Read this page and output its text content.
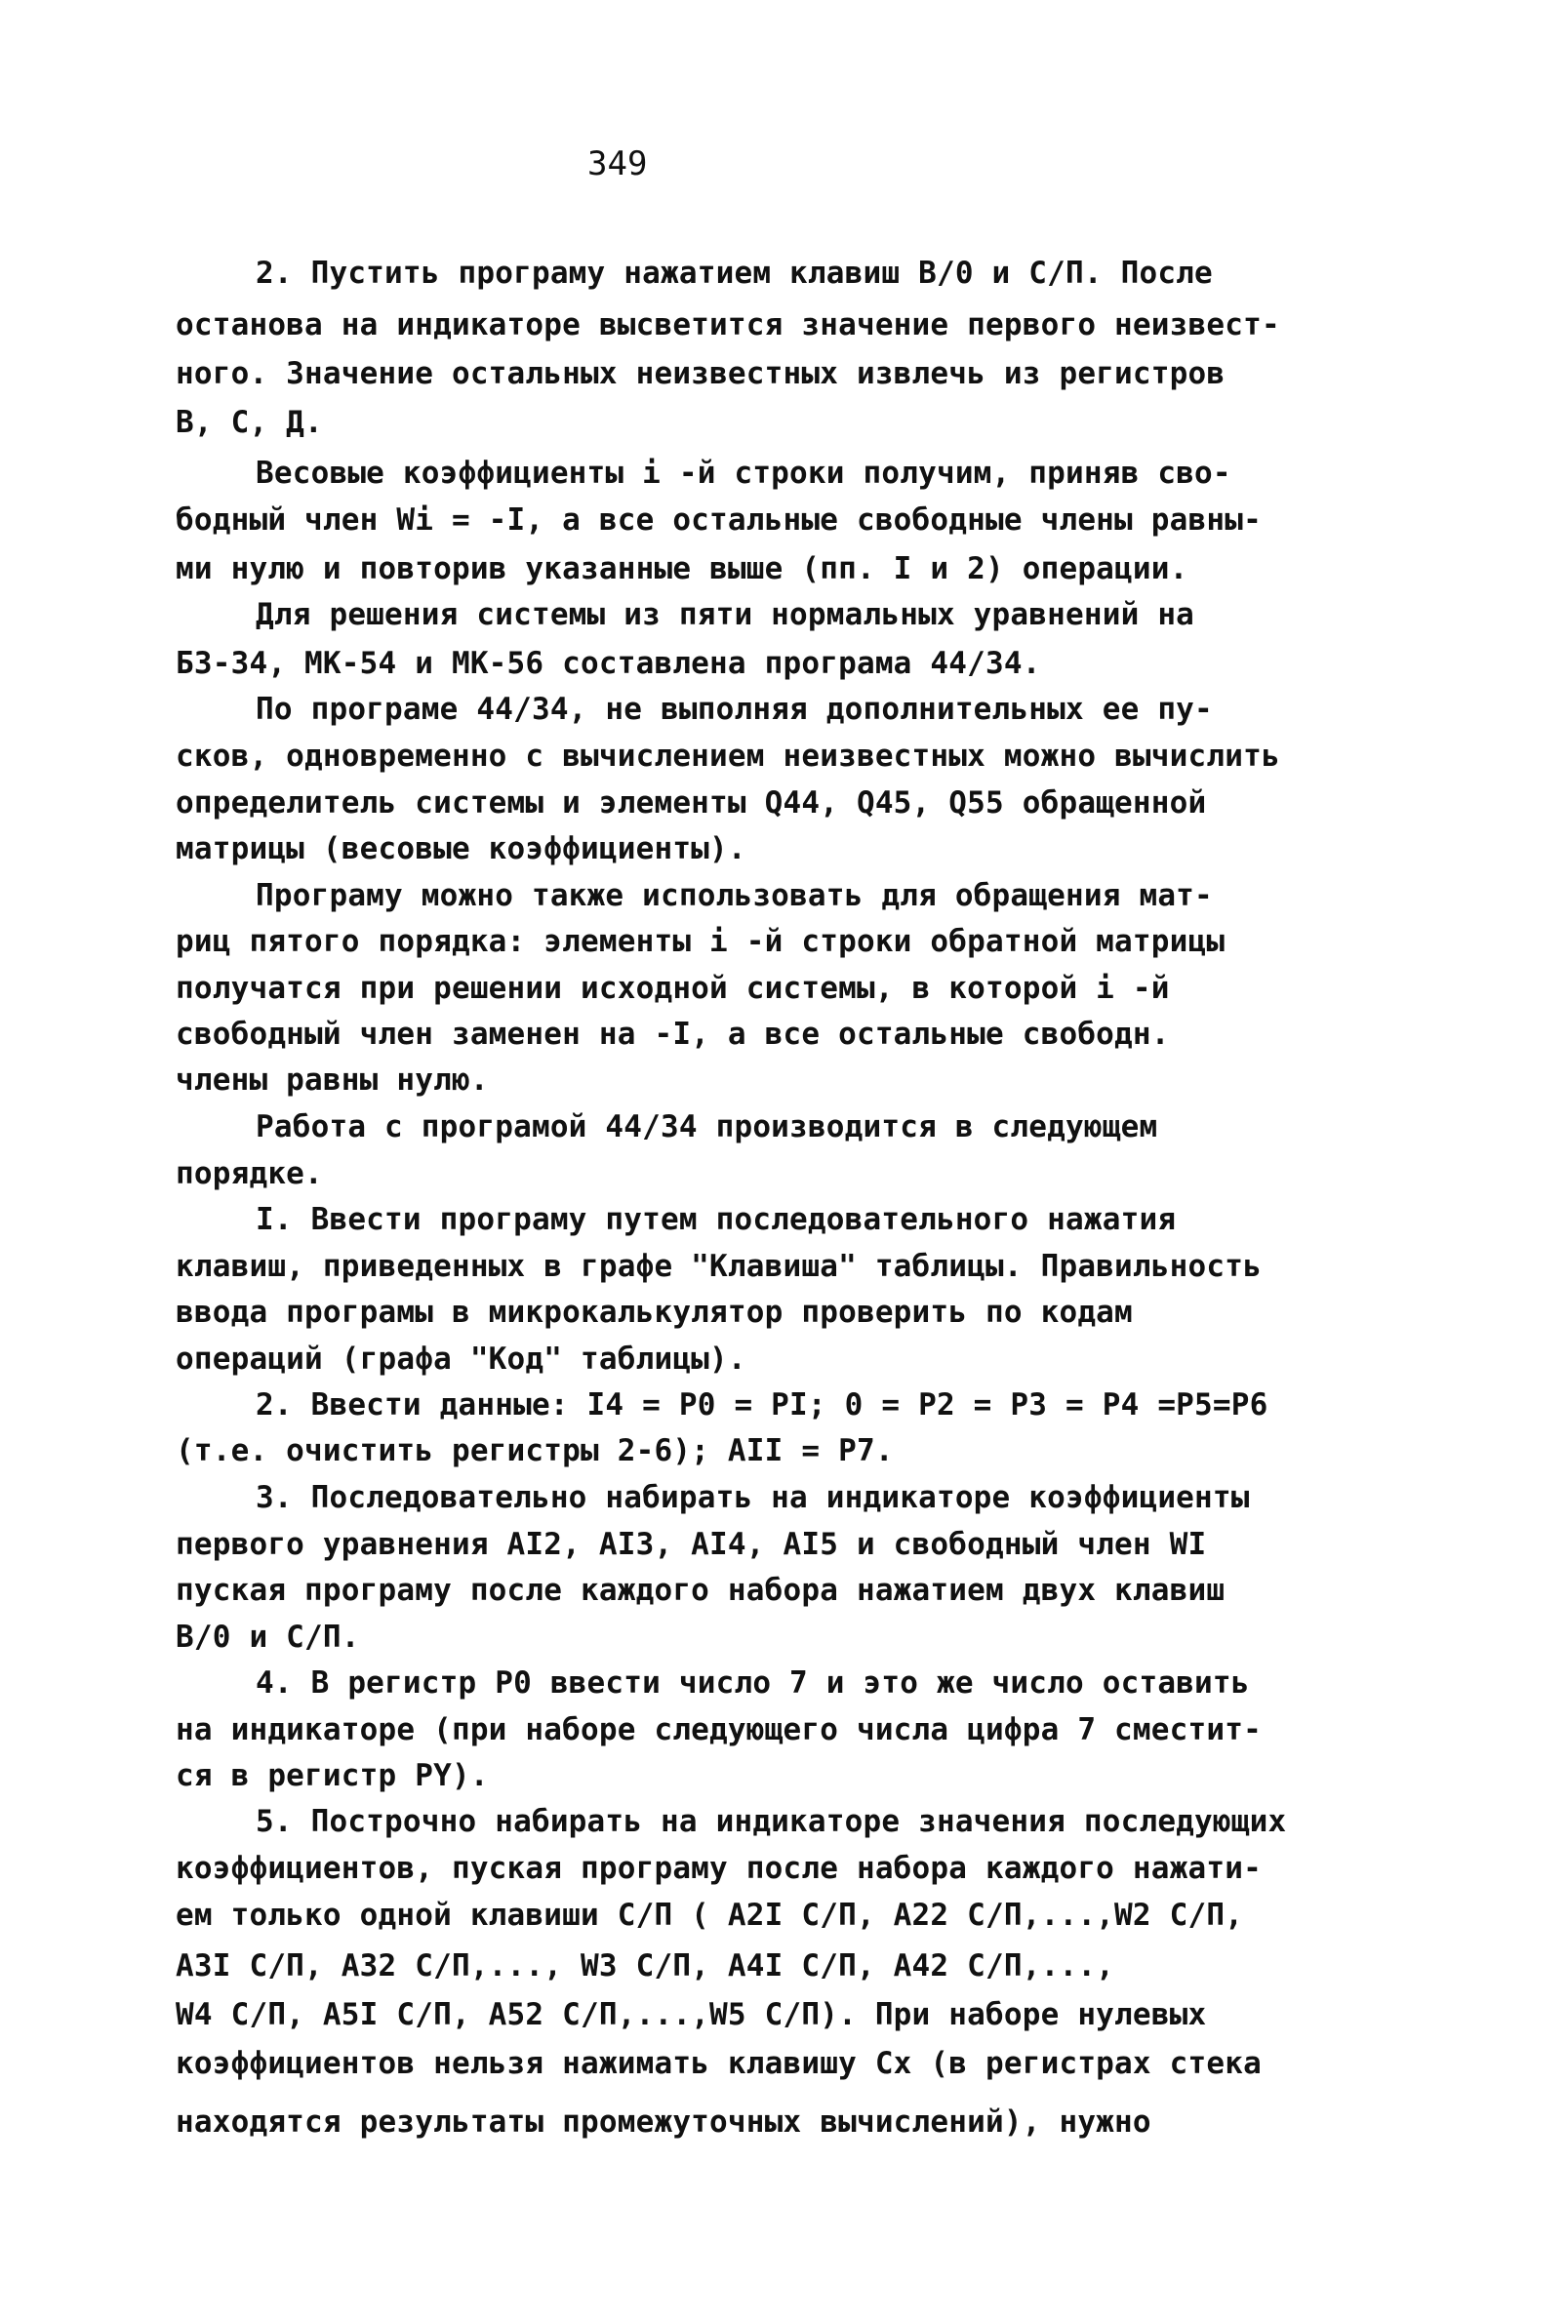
349
2. Пустить програму нажатием клавиш В/0 и С/П. После
останова на индикаторе высветится значение первого неизвест-
ного. Значение остальных неизвестных извлечь из регистров
В, С, Д.
Весовые коэффициенты i -й строки получим, приняв сво-
бодный член Wi = -I, а все остальные свободные члены равны-
ми нулю и повторив указанные выше (пп. I и 2) операции.
Для решения системы из пяти нормальных уравнений на
БЗ-34, МК-54 и МК-56 составлена програма 44/34.
По програме 44/34, не выполняя дополнительных ее пу-
сков, одновременно с вычислением неизвестных можно вычислить
определитель системы и элементы Q44, Q45, Q55 обращенной
матрицы (весовые коэффициенты).
Програму можно также использовать для обращения мат-
риц пятого порядка: элементы i -й строки обратной матрицы
получатся при решении исходной системы, в которой i -й
свободный член заменен на -I, а все остальные свободн.
члены равны нулю.
Работа с програмой 44/34 производится в следующем
порядке.
I. Ввести програму путем последовательного нажатия
клавиш, приведенных в графе "Клавиша" таблицы. Правильность
ввода програмы в микрокалькулятор проверить по кодам
операций (графа "Код" таблицы).
2. Ввести данные: I4 = P0 = PI; 0 = P2 = P3 = P4 =P5=P6
(т.е. очистить регистры 2-6); AII = P7.
3. Последовательно набирать на индикаторе коэффициенты
первого уравнения AI2, AI3, AI4, AI5 и свободный член WI
пуская програму после каждого набора нажатием двух клавиш
В/0 и С/П.
4. В регистр P0 ввести число 7 и это же число оставить
на индикаторе (при наборе следующего числа цифра 7 сместит-
ся в регистр PY).
5. Построчно набирать на индикаторе значения последующих
коэффициентов, пуская програму после набора каждого нажати-
ем только одной клавиши С/П ( A2I С/П, A22 С/П,...,W2 С/П,
A3I С/П, A32 С/П,..., W3 С/П, A4I С/П, A42 С/П,...,
W4 С/П, A5I С/П, A52 С/П,...,W5 С/П). При наборе нулевых
коэффициентов нельзя нажимать клавишу Сх (в регистрах стека
находятся результаты промежуточных вычислений), нужно
